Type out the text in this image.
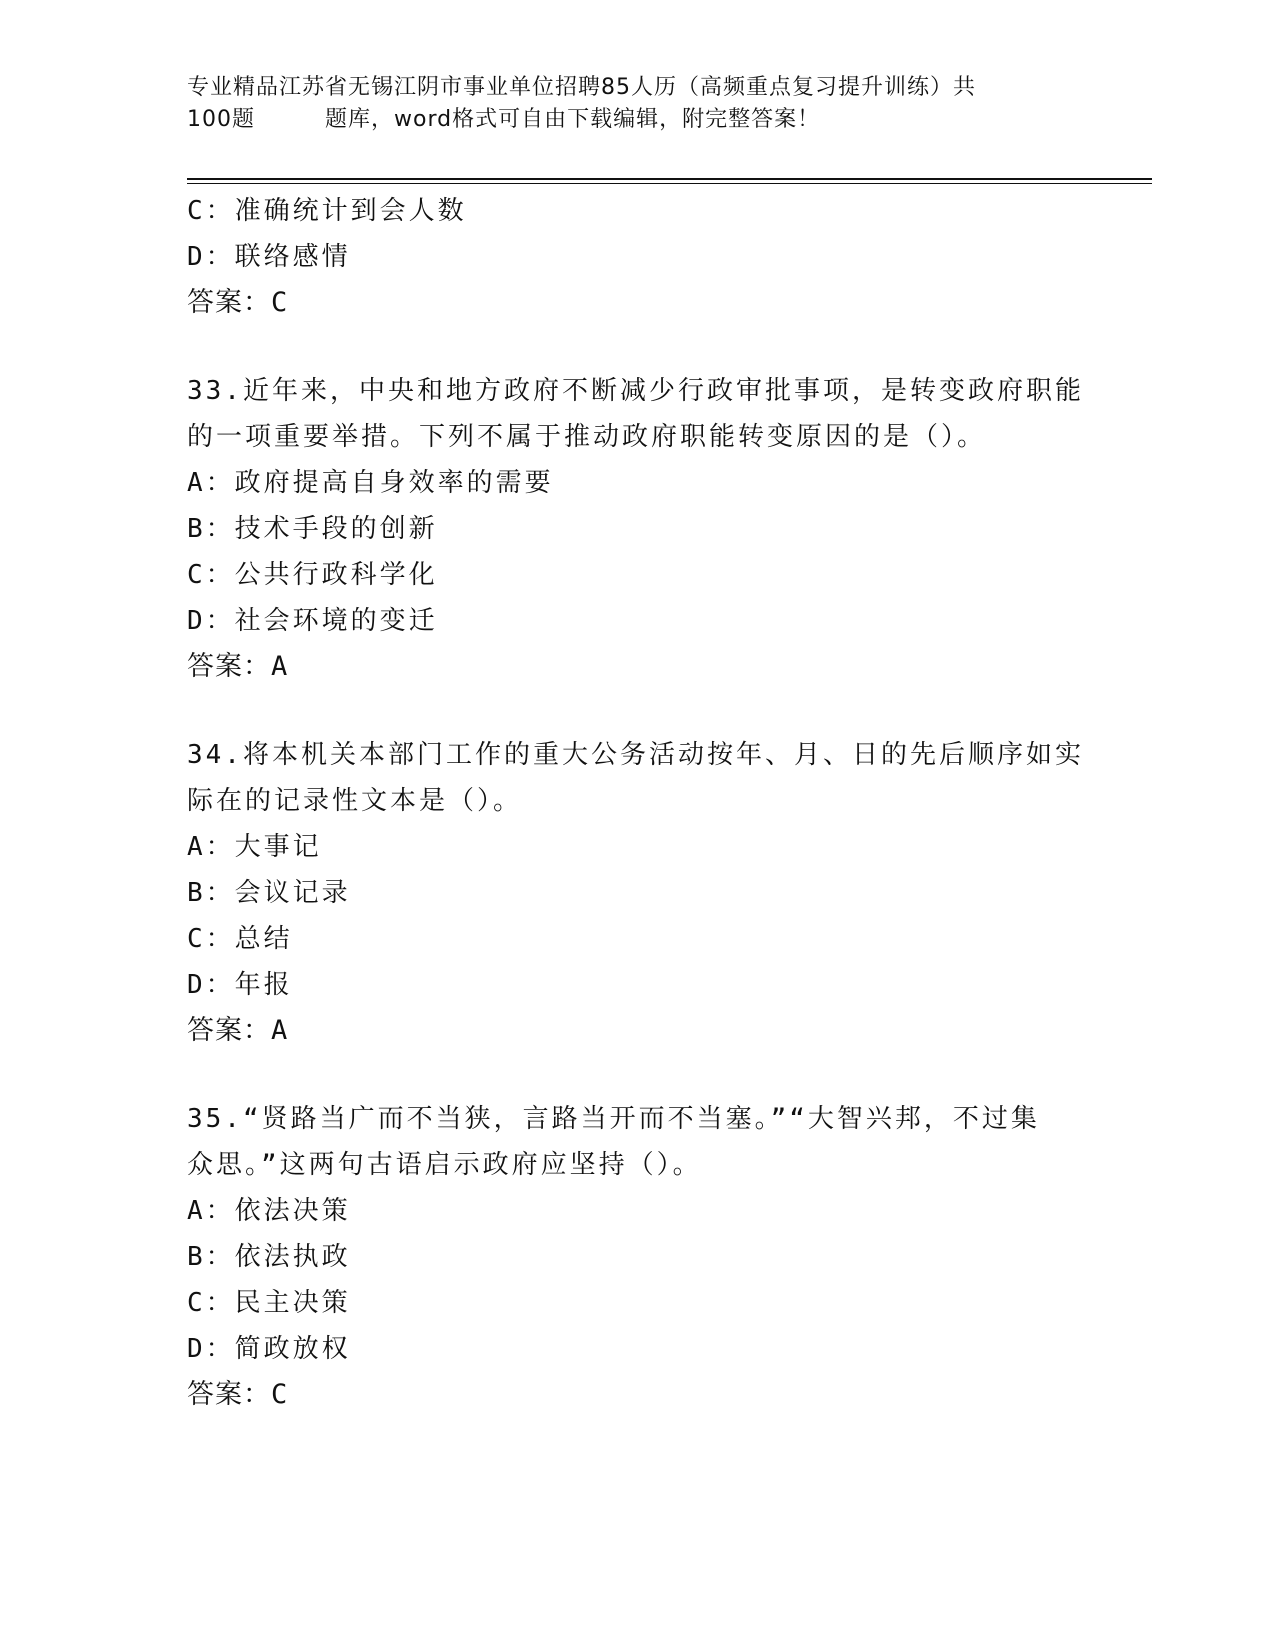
专业精品江苏省无锡江阴市事业单位招聘85人历（高频重点复习提升训练）共
100题	题库，word格式可自由下载编辑，附完整答案！
C：准确统计到会人数
D：联络感情
答案：C
33.近年来，中央和地方政府不断减少行政审批事项，是转变政府职能
的一项重要举措。下列不属于推动政府职能转变原因的是（）。
A：政府提高自身效率的需要
B：技术手段的创新
C：公共行政科学化
D：社会环境的变迁
答案：A
34.将本机关本部门工作的重大公务活动按年、月、日的先后顺序如实
际在的记录性文本是（）。
A：大事记
B：会议记录
C：总结
D：年报
答案：A
35.“贤路当广而不当狭，言路当开而不当塞。”“大智兴邦，不过集
众思。”这两句古语启示政府应坚持（）。
A：依法决策
B：依法执政
C：民主决策
D：简政放权
答案：C
